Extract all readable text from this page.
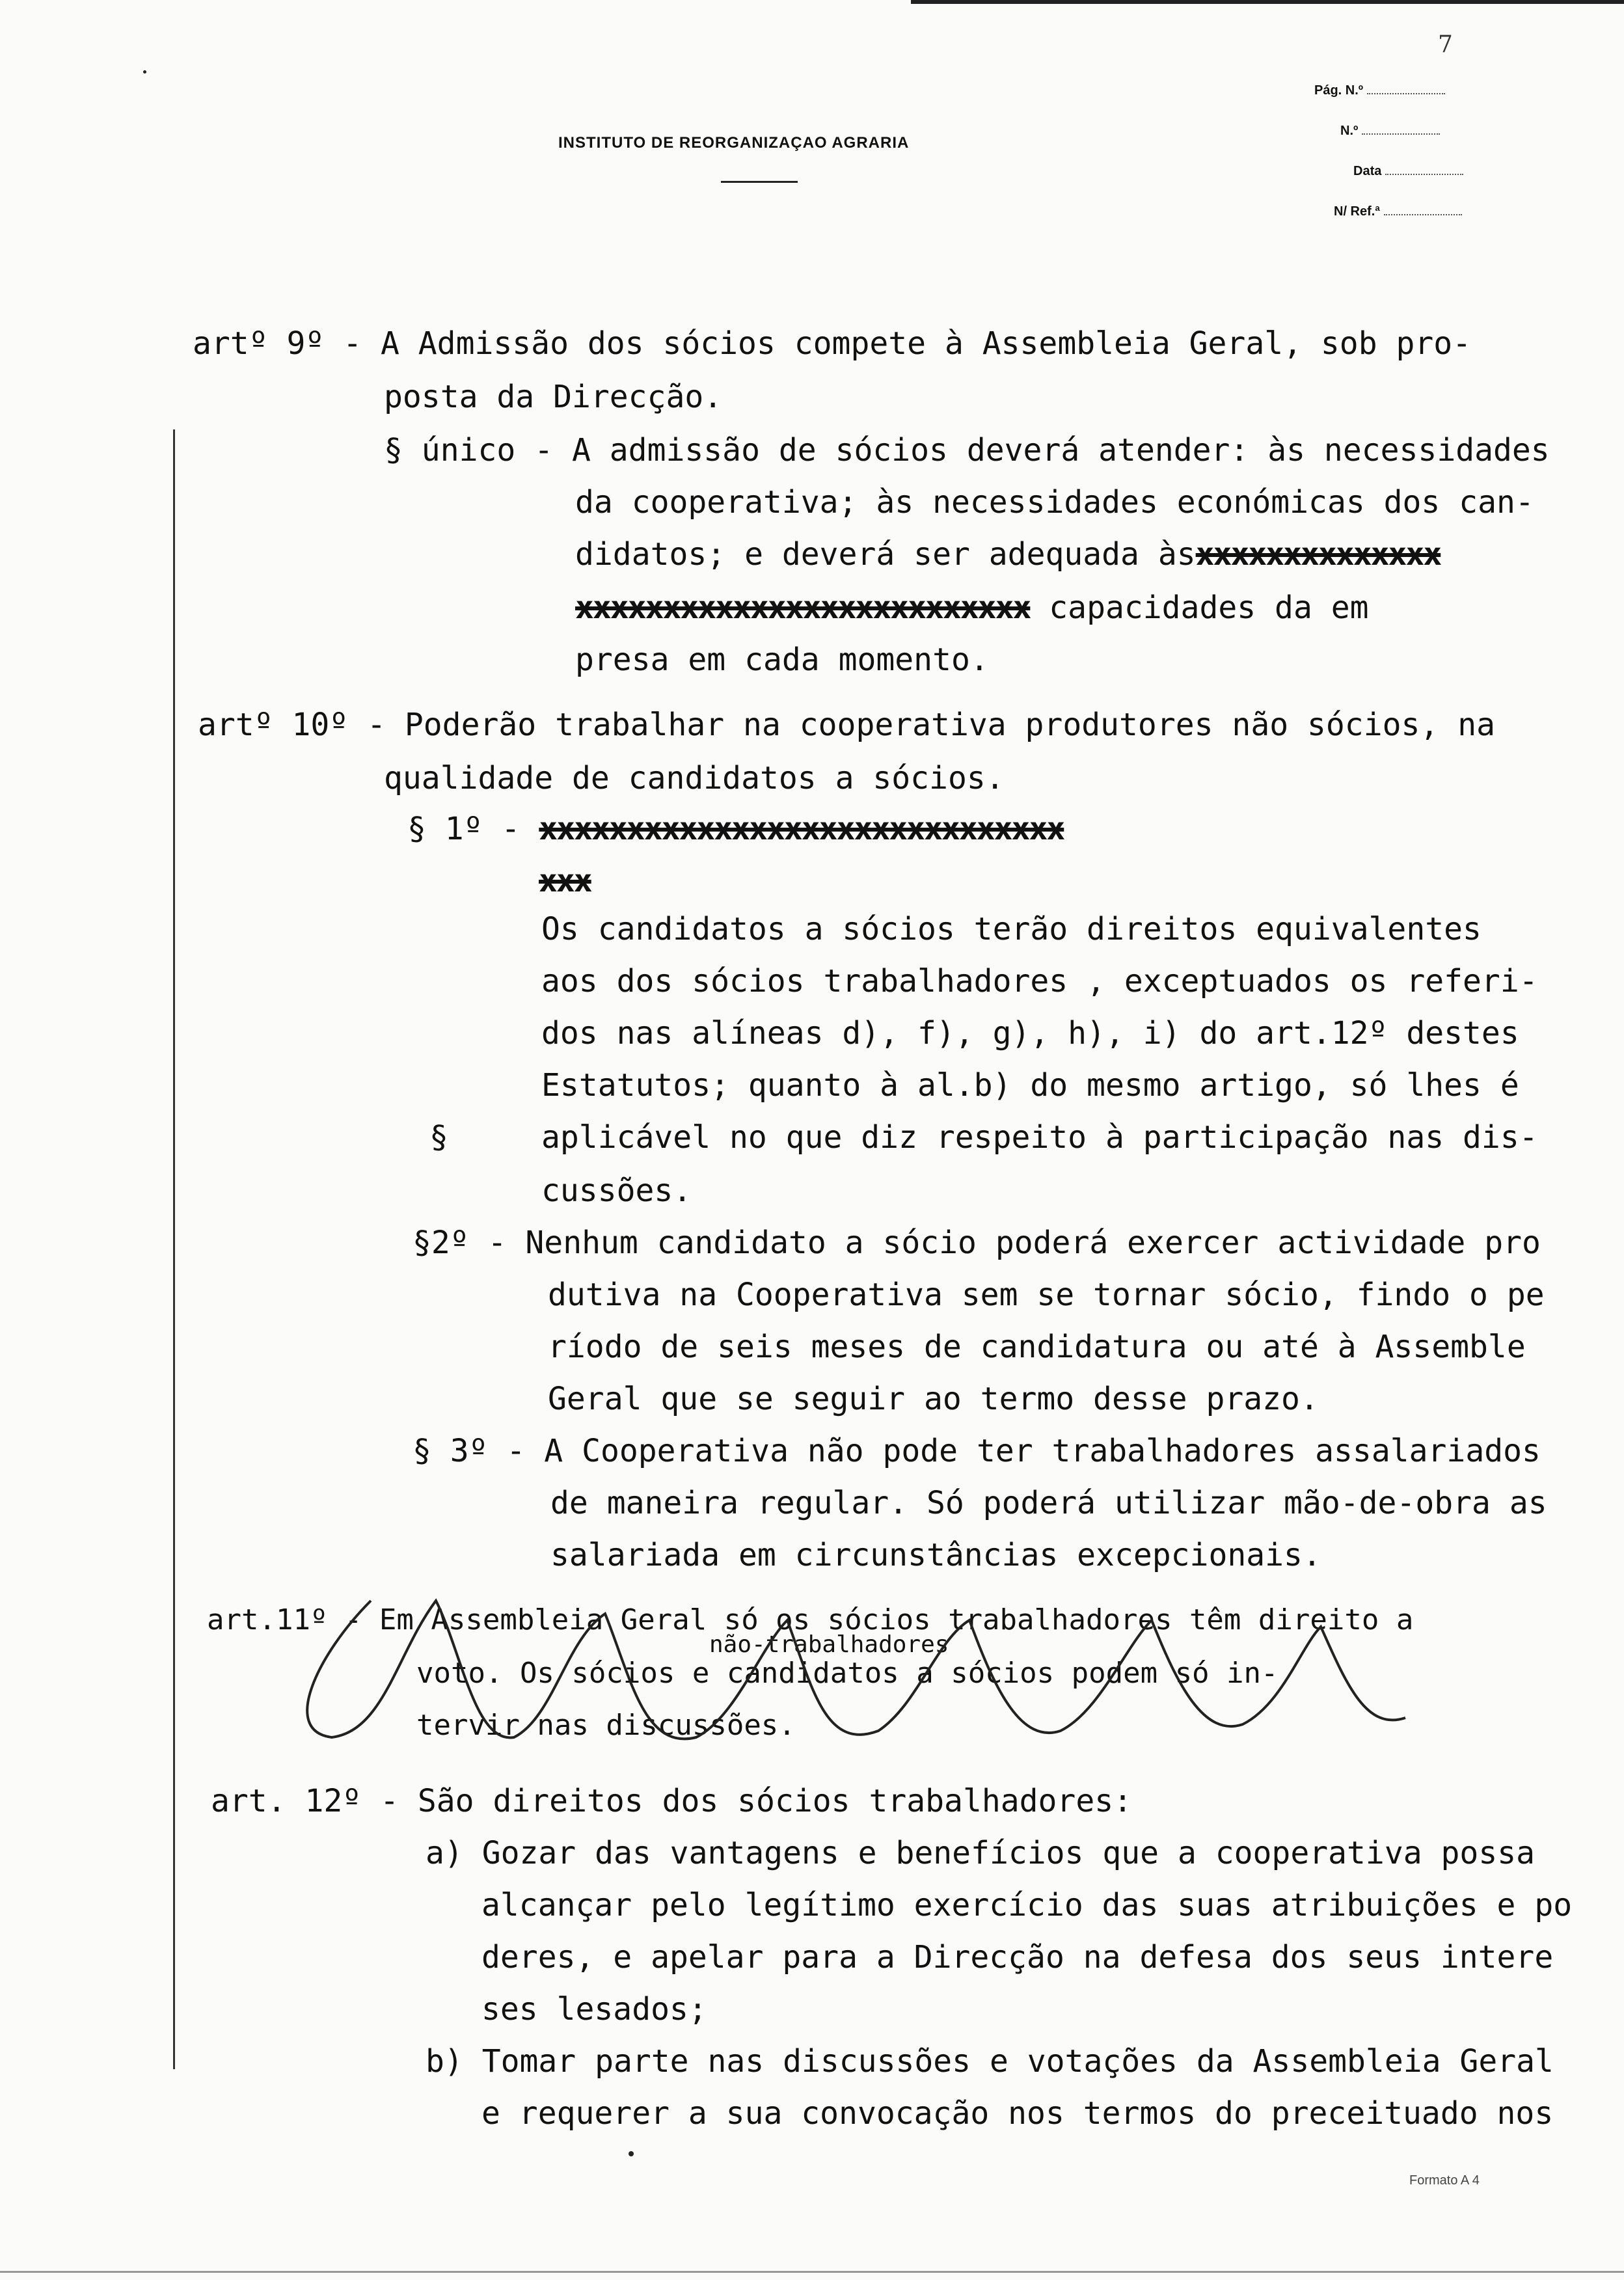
7
INSTITUTO DE REORGANIZAÇAO AGRARIA
Pág. N.º
N.º
Data
N/ Ref.ª
artº 9º - A Admissão dos sócios compete à Assembleia Geral, sob pro-
posta da Direcção.
§ único - A admissão de sócios deverá atender: às necessidades
da cooperativa; às necessidades económicas dos can-
didatos; e deverá ser adequada àsxxxxxxxxxxxxxx
xxxxxxxxxxxxxxxxxxxxxxxxxx capacidades da em
presa em cada momento.
artº 10º - Poderão trabalhar na cooperativa produtores não sócios, na
qualidade de candidatos a sócios.
§ 1º - xxxxxxxxxxxxxxxxxxxxxxxxxxxxxx
xxx
Os candidatos a sócios terão direitos equivalentes
aos dos sócios trabalhadores , exceptuados os referi-
dos nas alíneas d), f), g), h), i) do art.12º destes
Estatutos; quanto à al.b) do mesmo artigo, só lhes é
§	aplicável no que diz respeito à participação nas dis-
cussões.
§2º - Nenhum candidato a sócio poderá exercer actividade pro
dutiva na Cooperativa sem se tornar sócio, findo o pe
ríodo de seis meses de candidatura ou até à Assemble
Geral que se seguir ao termo desse prazo.
§ 3º - A Cooperativa não pode ter trabalhadores assalariados
de maneira regular. Só poderá utilizar mão-de-obra as
salariada em circunstâncias excepcionais.
art.11º - Em Assembleia Geral só os sócios trabalhadores têm direito a
não-trabalhadores
voto. Os sócios e candidatos a sócios podem só in-
tervir nas discussões.
art. 12º - São direitos dos sócios trabalhadores:
a) Gozar das vantagens e benefícios que a cooperativa possa
alcançar pelo legítimo exercício das suas atribuições e po
deres, e apelar para a Direcção na defesa dos seus intere
ses lesados;
b) Tomar parte nas discussões e votações da Assembleia Geral
e requerer a sua convocação nos termos do preceituado nos
Formato A 4
